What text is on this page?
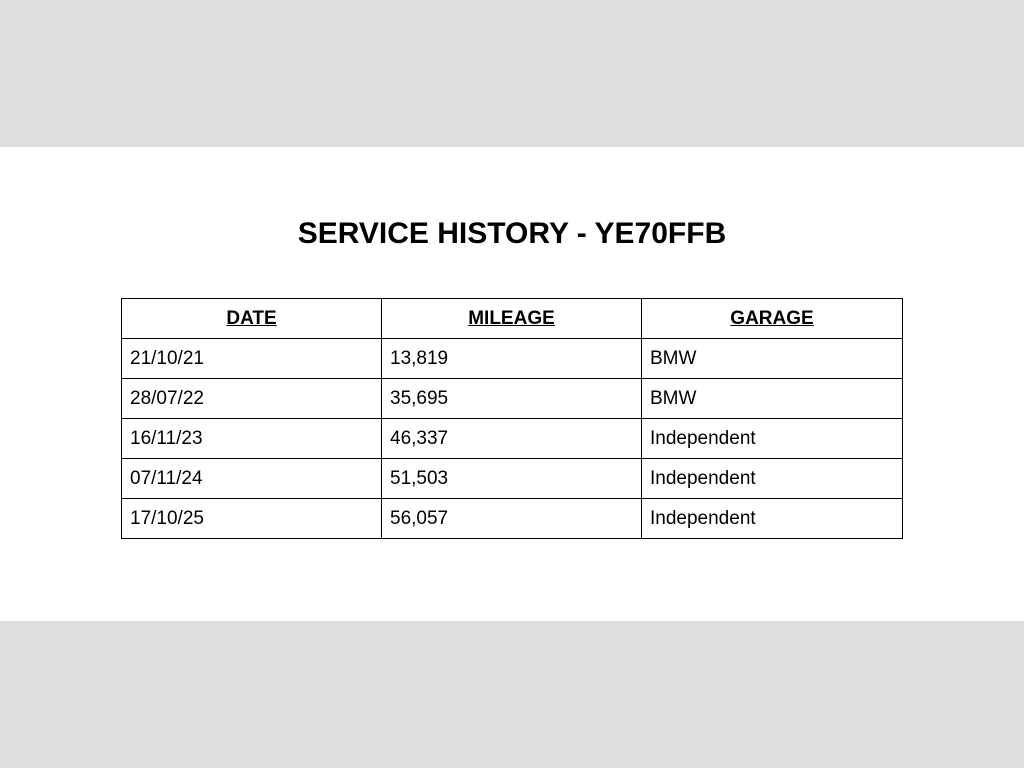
SERVICE HISTORY - YE70FFB
DATE	MILEAGE	GARAGE
21/10/21	13,819	BMW
28/07/22	35,695	BMW
16/11/23	46,337	Independent
07/11/24	51,503	Independent
17/10/25	56,057	Independent
